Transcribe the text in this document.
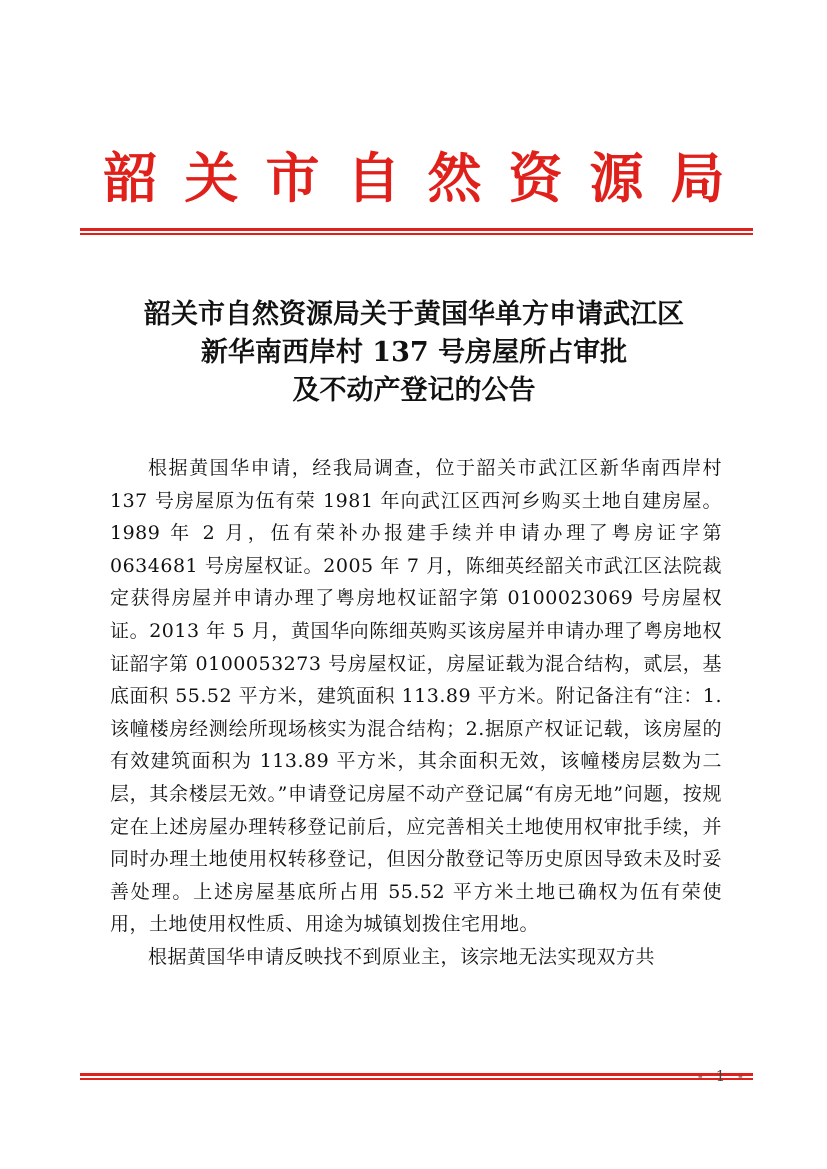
韶关市自然资源局
韶关市自然资源局关于黄国华单方申请武江区
新华南西岸村 137 号房屋所占审批
及不动产登记的公告

根据黄国华申请，经我局调查，位于韶关市武江区新华南西岸村 137 号房屋原为伍有荣 1981 年向武江区西河乡购买土地自建房屋。1989 年 2 月，伍有荣补办报建手续并申请办理了粤房证字第 0634681 号房屋权证。2005 年 7 月，陈细英经韶关市武江区法院裁定获得房屋并申请办理了粤房地权证韶字第 0100023069 号房屋权证。2013 年 5 月，黄国华向陈细英购买该房屋并申请办理了粤房地权证韶字第 0100053273 号房屋权证，房屋证载为混合结构，贰层，基底面积 55.52 平方米，建筑面积 113.89 平方米。附记备注有“注：1.该幢楼房经测绘所现场核实为混合结构；2.据原产权证记载，该房屋的有效建筑面积为 113.89 平方米，其余面积无效，该幢楼房层数为二层，其余楼层无效。”申请登记房屋不动产登记属“有房无地”问题，按规定在上述房屋办理转移登记前后，应完善相关土地使用权审批手续，并同时办理土地使用权转移登记，但因分散登记等历史原因导致未及时妥善处理。上述房屋基底所占用 55.52 平方米土地已确权为伍有荣使用，土地使用权性质、用途为城镇划拨住宅用地。

根据黄国华申请反映找不到原业主，该宗地无法实现双方共

- 1 -
